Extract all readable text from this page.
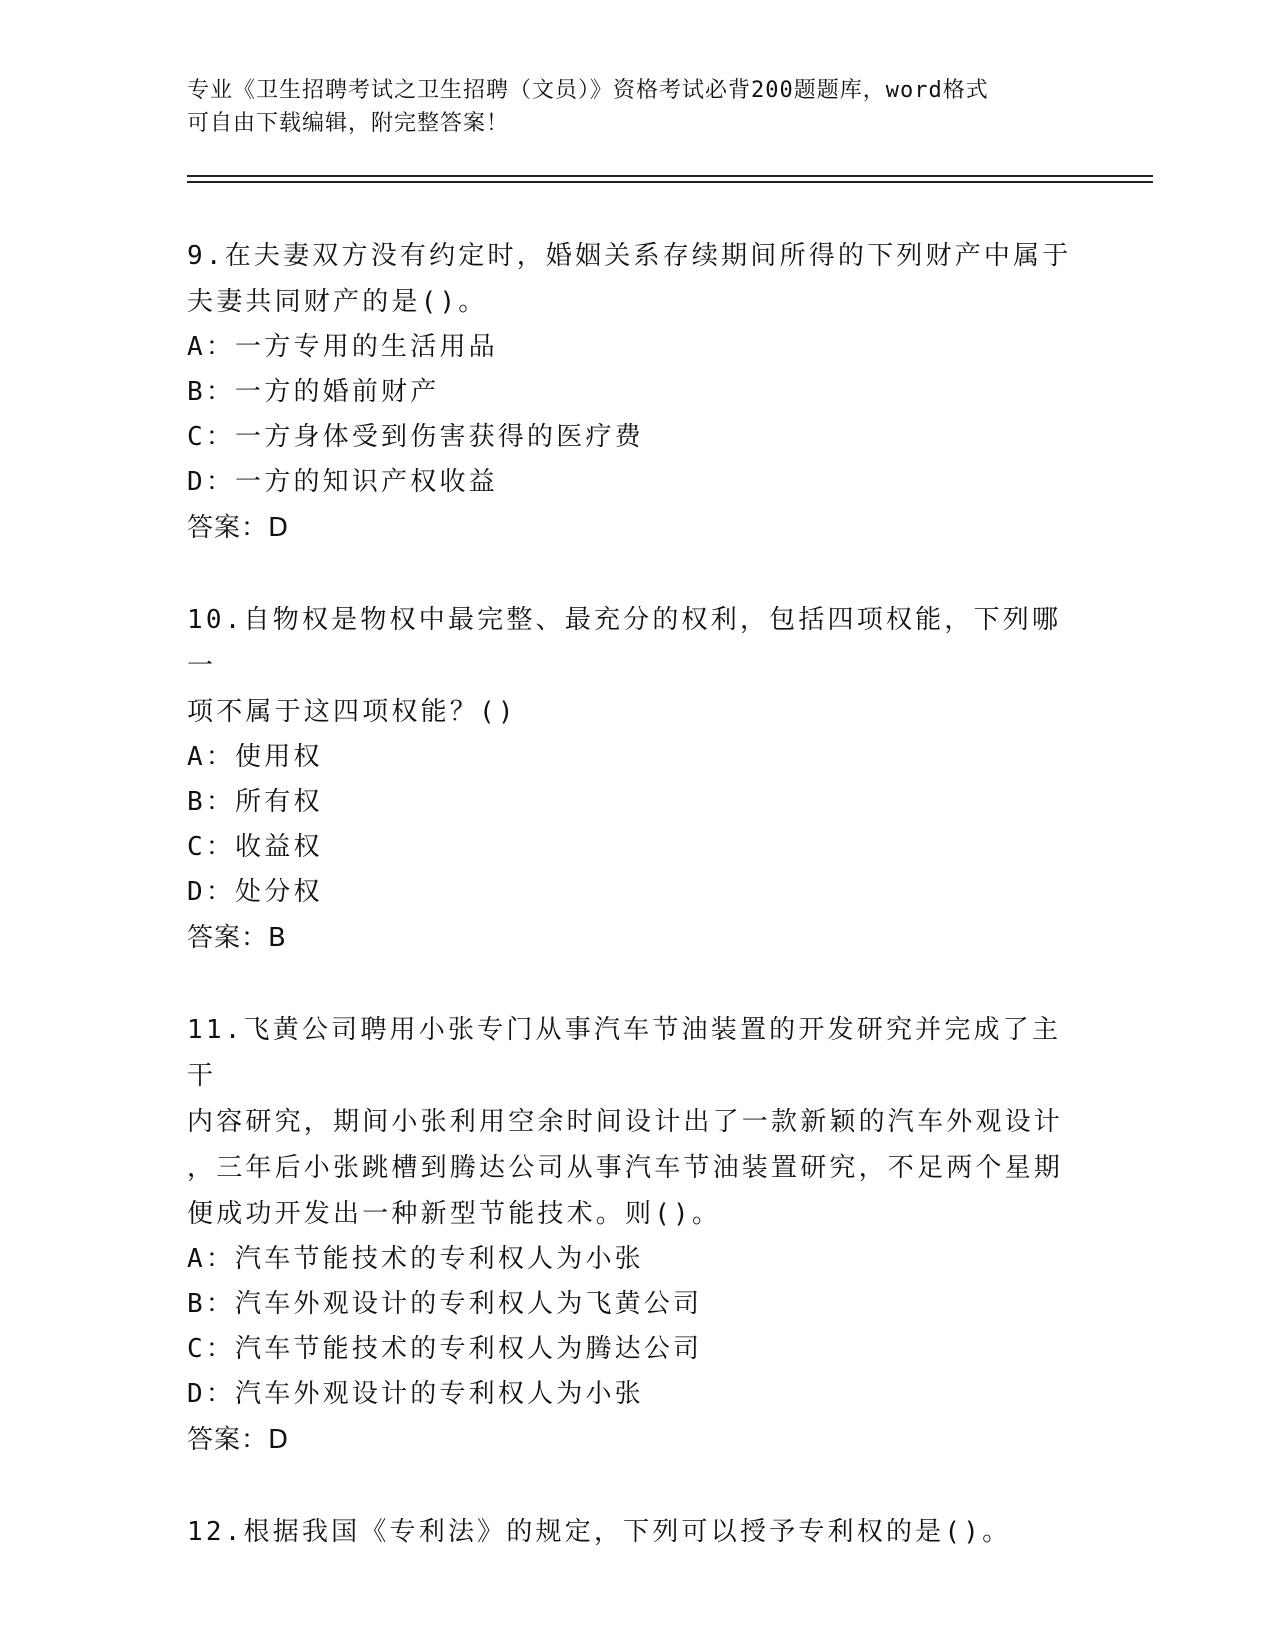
专业《卫生招聘考试之卫生招聘（文员）》资格考试必背200题题库，word格式
可自由下载编辑，附完整答案！

9.在夫妻双方没有约定时，婚姻关系存续期间所得的下列财产中属于

夫妻共同财产的是()。

A：一方专用的生活用品

B：一方的婚前财产

C：一方身体受到伤害获得的医疗费

D：一方的知识产权收益

答案：D

10.自物权是物权中最完整、最充分的权利，包括四项权能，下列哪一

项不属于这四项权能？()

A：使用权

B：所有权

C：收益权

D：处分权

答案：B

11.飞黄公司聘用小张专门从事汽车节油装置的开发研究并完成了主干

内容研究，期间小张利用空余时间设计出了一款新颖的汽车外观设计

，三年后小张跳槽到腾达公司从事汽车节油装置研究，不足两个星期

便成功开发出一种新型节能技术。则()。

A：汽车节能技术的专利权人为小张

B：汽车外观设计的专利权人为飞黄公司

C：汽车节能技术的专利权人为腾达公司

D：汽车外观设计的专利权人为小张

答案：D

12.根据我国《专利法》的规定，下列可以授予专利权的是()。
